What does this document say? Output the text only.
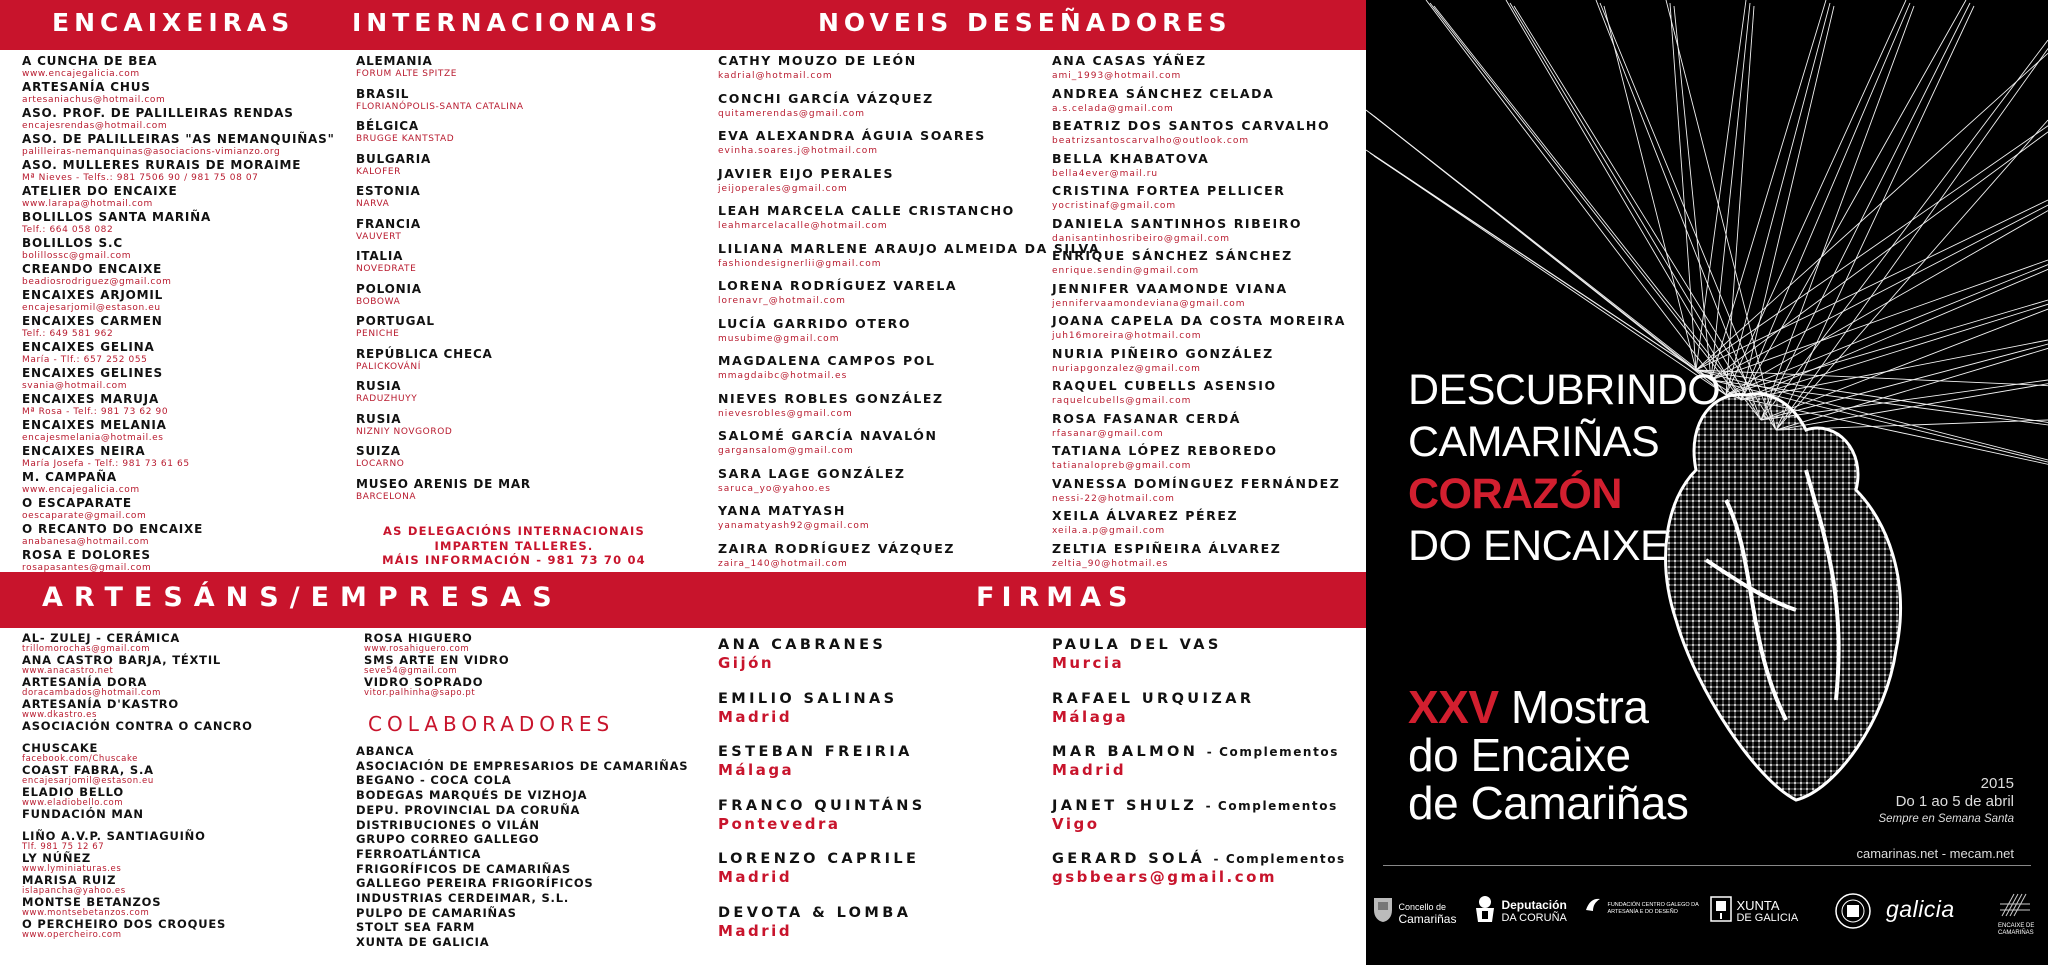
ENCAIXEIRAS INTERNACIONAIS	NOVEIS DESEÑADORES
ARTESÁNS/EMPRESAS	FIRMAS
A CUNCHA DE BEA
www.encajegalicia.com
ARTESANÍA CHUS
artesaniachus@hotmail.com
ASO. PROF. DE PALILLEIRAS RENDAS
encajesrendas@hotmail.com
ASO. DE PALILLEIRAS "AS NEMANQUIÑAS"
palilleiras-nemanquinas@asociacions-vimianzo.org
ASO. MULLERES RURAIS DE MORAIME
Mª Nieves - Telfs.: 981 7506 90 / 981 75 08 07
ATELIER DO ENCAIXE
www.larapa@hotmail.com
BOLILLOS SANTA MARIÑA
Telf.: 664 058 082
BOLILLOS S.C
bolillossc@gmail.com
CREANDO ENCAIXE
beadiosrodriguez@gmail.com
ENCAIXES ARJOMIL
encajesarjomil@estason.eu
ENCAIXES CARMEN
Telf.: 649 581 962
ENCAIXES GELINA
María - Tlf.: 657 252 055
ENCAIXES GELINES
svania@hotmail.com
ENCAIXES MARUJA
Mª Rosa - Telf.: 981 73 62 90
ENCAIXES MELANIA
encajesmelania@hotmail.es
ENCAIXES NEIRA
María Josefa - Telf.: 981 73 61 65
M. CAMPAÑA
www.encajegalicia.com
O ESCAPARATE
oescaparate@gmail.com
O RECANTO DO ENCAIXE
anabanesa@hotmail.com
ROSA E DOLORES
rosapasantes@gmail.com
ALEMANIA
FORUM ALTE SPITZE
BRASIL
FLORIANÓPOLIS-SANTA CATALINA
BÉLGICA
BRUGGE KANTSTAD
BULGARIA
KALOFER
ESTONIA
NARVA
FRANCIA
VAUVERT
ITALIA
NOVEDRATE
POLONIA
BOBOWA
PORTUGAL
PENICHE
REPÚBLICA CHECA
PALICKOVÁNÍ
RUSIA
RADUZHUYY
RUSIA
NIZNIY NOVGOROD
SUIZA
LOCARNO
MUSEO ARENIS DE MAR
BARCELONA
AS DELEGACIÓNS INTERNACIONAIS
IMPARTEN TALLERES.
MÁIS INFORMACIÓN - 981 73 70 04
CATHY MOUZO DE LEÓN
kadrial@hotmail.com
CONCHI GARCÍA VÁZQUEZ
quitamerendas@gmail.com
EVA ALEXANDRA ÁGUIA SOARES
evinha.soares.j@hotmail.com
JAVIER EIJO PERALES
jeijoperales@gmail.com
LEAH MARCELA CALLE CRISTANCHO
leahmarcelacalle@hotmail.com
LILIANA MARLENE ARAUJO ALMEIDA DA SILVA
fashiondesignerlii@gmail.com
LORENA RODRÍGUEZ VARELA
lorenavr_@hotmail.com
LUCÍA GARRIDO OTERO
musubime@gmail.com
MAGDALENA CAMPOS POL
mmagdaibc@hotmail.es
NIEVES ROBLES GONZÁLEZ
nievesrobles@gmail.com
SALOMÉ GARCÍA NAVALÓN
gargansalom@gmail.com
SARA LAGE GONZÁLEZ
saruca_yo@yahoo.es
YANA MATYASH
yanamatyash92@gmail.com
ZAIRA RODRÍGUEZ VÁZQUEZ
zaira_140@hotmail.com
ANA CASAS YÁÑEZ
ami_1993@hotmail.com
ANDREA SÁNCHEZ CELADA
a.s.celada@gmail.com
BEATRIZ DOS SANTOS CARVALHO
beatrizsantoscarvalho@outlook.com
BELLA KHABATOVA
bella4ever@mail.ru
CRISTINA FORTEA PELLICER
yocristinaf@gmail.com
DANIELA SANTINHOS RIBEIRO
danisantinhosribeiro@gmail.com
ENRIQUE SÁNCHEZ SÁNCHEZ
enrique.sendin@gmail.com
JENNIFER VAAMONDE VIANA
jennifervaamondeviana@gmail.com
JOANA CAPELA DA COSTA MOREIRA
juh16moreira@hotmail.com
NURIA PIÑEIRO GONZÁLEZ
nuriapgonzalez@gmail.com
RAQUEL CUBELLS ASENSIO
raquelcubells@gmail.com
ROSA FASANAR CERDÁ
rfasanar@gmail.com
TATIANA LÓPEZ REBOREDO
tatianalopreb@gmail.com
VANESSA DOMÍNGUEZ FERNÁNDEZ
nessi-22@hotmail.com
XEILA ÁLVAREZ PÉREZ
xeila.a.p@gmail.com
ZELTIA ESPIÑEIRA ÁLVAREZ
zeltia_90@hotmail.es
AL- ZULEJ - CERÁMICA
trillomorochas@gmail.com
ANA CASTRO BARJA, TÉXTIL
www.anacastro.net
ARTESANÍA DORA
doracambados@hotmail.com
ARTESANÍA D'KASTRO
www.dkastro.es
ASOCIACIÓN CONTRA O CANCRO
CHUSCAKE
facebook.com/Chuscake
COAST FABRA, S.A
encajesarjomil@estason.eu
ELADIO BELLO
www.eladiobello.com
FUNDACIÓN MAN
LIÑO A.V.P. SANTIAGUIÑO
Tlf. 981 75 12 67
LY NÚÑEZ
www.lyminiaturas.es
MARISA RUIZ
islapancha@yahoo.es
MONTSE BETANZOS
www.montsebetanzos.com
O PERCHEIRO DOS CROQUES
www.opercheiro.com
ROSA HIGUERO
www.rosahiguero.com
SMS ARTE EN VIDRO
seve54@gmail.com
VIDRO SOPRADO
vitor.palhinha@sapo.pt
COLABORADORES
ABANCA
ASOCIACIÓN DE EMPRESARIOS DE CAMARIÑAS
BEGANO - COCA COLA
BODEGAS MARQUÉS DE VIZHOJA
DEPU. PROVINCIAL DA CORUÑA
DISTRIBUCIONES O VILÁN
GRUPO CORREO GALLEGO
FERROATLÁNTICA
FRIGORÍFICOS DE CAMARIÑAS
GALLEGO PEREIRA FRIGORÍFICOS
INDUSTRIAS CERDEIMAR, S.L.
PULPO DE CAMARIÑAS
STOLT SEA FARM
XUNTA DE GALICIA
ANA CABRANES
Gijón
EMILIO SALINAS
Madrid
ESTEBAN FREIRIA
Málaga
FRANCO QUINTÁNS
Pontevedra
LORENZO CAPRILE
Madrid
DEVOTA & LOMBA
Madrid
PAULA DEL VAS
Murcia
RAFAEL URQUIZAR
Málaga
MAR BALMON - Complementos
Madrid
JANET SHULZ - Complementos
Vigo
GERARD SOLÁ - Complementos
gsbbears@gmail.com
DESCUBRINDO
CAMARIÑAS
CORAZÓN
DO ENCAIXE
XXV Mostra
do Encaixe
de Camariñas	2015
Do 1 ao 5 de abril
Sempre en Semana Santa
camarinas.net - mecam.net
Concello de
Camariñas
Deputación
DA CORUÑA
FUNDACIÓN CENTRO GALEGO DA ARTESANÍA E DO DESEÑO	XUNTA
DE GALICIA	galicia
ENCAIXE DE
CAMARIÑAS
